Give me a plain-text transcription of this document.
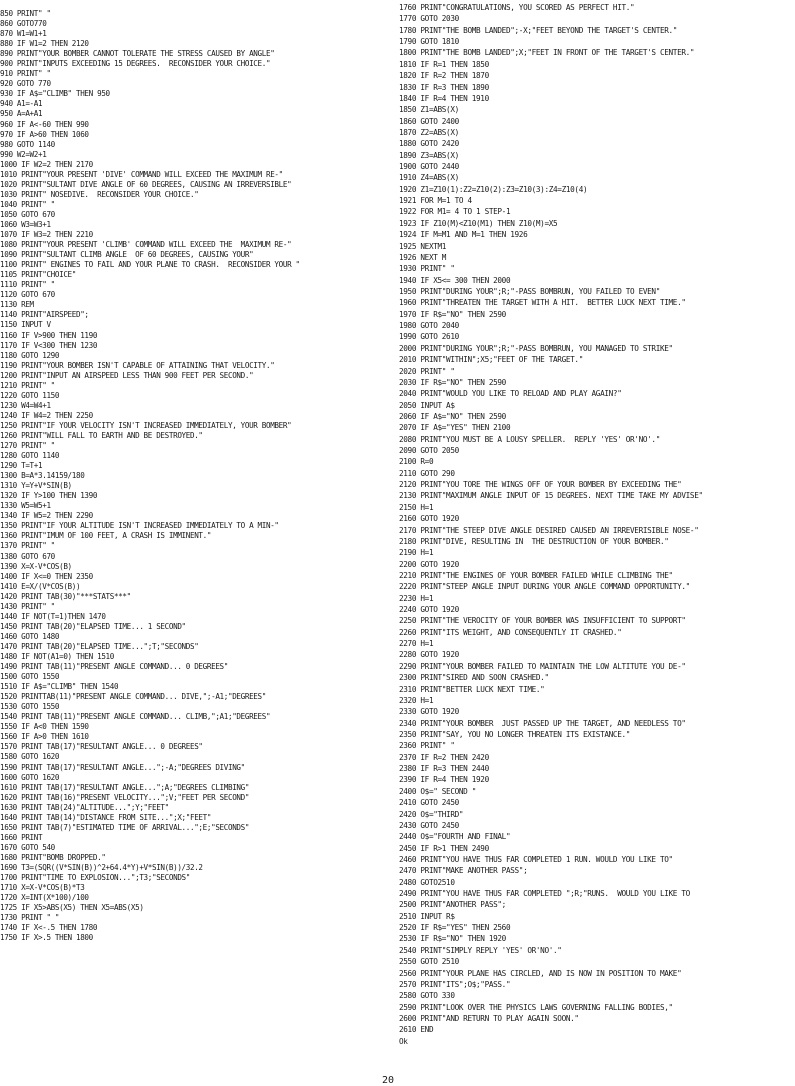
850 PRINT" "
860 GOTO770
870 W1=W1+1
880 IF W1=2 THEN 2120
890 PRINT"YOUR BOMBER CANNOT TOLERATE THE STRESS CAUSED BY ANGLE"
900 PRINT"INPUTS EXCEEDING 15 DEGREES.  RECONSIDER YOUR CHOICE."
910 PRINT" "
920 GOTO 770
930 IF A$="CLIMB" THEN 950
940 A1=-A1
950 A=A+A1
960 IF A<-60 THEN 990
970 IF A>60 THEN 1060
980 GOTO 1140
990 W2=W2+1
1000 IF W2=2 THEN 2170
1010 PRINT"YOUR PRESENT 'DIVE' COMMAND WILL EXCEED THE MAXIMUM RE-"
1020 PRINT"SULTANT DIVE ANGLE OF 60 DEGREES, CAUSING AN IRREVERSIBLE"
1030 PRINT" NOSEDIVE.  RECONSIDER YOUR CHOICE."
1040 PRINT" "
1050 GOTO 670
1060 W3=W3+1
1070 IF W3=2 THEN 2210
1080 PRINT"YOUR PRESENT 'CLIMB' COMMAND WILL EXCEED THE  MAXIMUM RE-"
1090 PRINT"SULTANT CLIMB ANGLE  OF 60 DEGREES, CAUSING YOUR"
1100 PRINT" ENGINES TO FAIL AND YOUR PLANE TO CRASH.  RECONSIDER YOUR "
1105 PRINT"CHOICE"
1110 PRINT" "
1120 GOTO 670
1130 REM
1140 PRINT"AIRSPEED";
1150 INPUT V
1160 IF V>900 THEN 1190
1170 IF V<300 THEN 1230
1180 GOTO 1290
1190 PRINT"YOUR BOMBER ISN'T CAPABLE OF ATTAINING THAT VELOCITY."
1200 PRINT"INPUT AN AIRSPEED LESS THAN 900 FEET PER SECOND."
1210 PRINT" "
1220 GOTO 1150
1230 W4=W4+1
1240 IF W4=2 THEN 2250
1250 PRINT"IF YOUR VELOCITY ISN'T INCREASED IMMEDIATELY, YOUR BOMBER"
1260 PRINT"WILL FALL TO EARTH AND BE DESTROYED."
1270 PRINT" "
1280 GOTO 1140
1290 T=T+1
1300 B=A*3.14159/180
1310 Y=Y+V*SIN(B)
1320 IF Y>100 THEN 1390
1330 W5=W5+1
1340 IF W5=2 THEN 2290
1350 PRINT"IF YOUR ALTITUDE ISN'T INCREASED IMMEDIATELY TO A MIN-"
1360 PRINT"IMUM OF 100 FEET, A CRASH IS IMMINENT."
1370 PRINT" "
1380 GOTO 670
1390 X=X-V*COS(B)
1400 IF X<=0 THEN 2350
1410 E=X/(V*COS(B))
1420 PRINT TAB(30)"***STATS***"
1430 PRINT" "
1440 IF NOT(T=1)THEN 1470
1450 PRINT TAB(20)"ELAPSED TIME... 1 SECOND"
1460 GOTO 1480
1470 PRINT TAB(20)"ELAPSED TIME...";T;"SECONDS"
1480 IF NOT(A1=0) THEN 1510
1490 PRINT TAB(11)"PRESENT ANGLE COMMAND... 0 DEGREES"
1500 GOTO 1550
1510 IF A$="CLIMB" THEN 1540
1520 PRINTTAB(11)"PRESENT ANGLE COMMAND... DIVE,";-A1;"DEGREES"
1530 GOTO 1550
1540 PRINT TAB(11)"PRESENT ANGLE COMMAND... CLIMB,";A1;"DEGREES"
1550 IF A<0 THEN 1590
1560 IF A>0 THEN 1610
1570 PRINT TAB(17)"RESULTANT ANGLE... 0 DEGREES"
1580 GOTO 1620
1590 PRINT TAB(17)"RESULTANT ANGLE...";-A;"DEGREES DIVING"
1600 GOTO 1620
1610 PRINT TAB(17)"RESULTANT ANGLE...";A;"DEGREES CLIMBING"
1620 PRINT TAB(16)"PRESENT VELOCITY...";V;"FEET PER SECOND"
1630 PRINT TAB(24)"ALTITUDE...";Y;"FEET"
1640 PRINT TAB(14)"DISTANCE FROM SITE...";X;"FEET"
1650 PRINT TAB(7)"ESTIMATED TIME OF ARRIVAL...";E;"SECONDS"
1660 PRINT
1670 GOTO 540
1680 PRINT"BOMB DROPPED."
1690 T3=(SQR((V*SIN(B))^2+64.4*Y)+V*SIN(B))/32.2
1700 PRINT"TIME TO EXPLOSION...";T3;"SECONDS"
1710 X=X-V*COS(B)*T3
1720 X=INT(X*100)/100
1725 IF X5>ABS(X5) THEN X5=ABS(X5)
1730 PRINT " "
1740 IF X<-.5 THEN 1780
1750 IF X>.5 THEN 1800
1760 PRINT"CONGRATULATIONS, YOU SCORED AS PERFECT HIT."
1770 GOTO 2030
1780 PRINT"THE BOMB LANDED";-X;"FEET BEYOND THE TARGET'S CENTER."
1790 GOTO 1810
1800 PRINT"THE BOMB LANDED";X;"FEET IN FRONT OF THE TARGET'S CENTER."
1810 IF R=1 THEN 1850
1820 IF R=2 THEN 1870
1830 IF R=3 THEN 1890
1840 IF R=4 THEN 1910
1850 Z1=ABS(X)
1860 GOTO 2400
1870 Z2=ABS(X)
1880 GOTO 2420
1890 Z3=ABS(X)
1900 GOTO 2440
1910 Z4=ABS(X)
1920 Z1=Z10(1):Z2=Z10(2):Z3=Z10(3):Z4=Z10(4)
1921 FOR M=1 TO 4
1922 FOR M1= 4 TO 1 STEP-1
1923 IF Z10(M)<Z10(M1) THEN Z10(M)=X5
1924 IF M=M1 AND M=1 THEN 1926
1925 NEXTM1
1926 NEXT M
1930 PRINT" "
1940 IF X5<= 300 THEN 2000
1950 PRINT"DURING YOUR";R;"-PASS BOMBRUN, YOU FAILED TO EVEN"
1960 PRINT"THREATEN THE TARGET WITH A HIT.  BETTER LUCK NEXT TIME."
1970 IF R$="NO" THEN 2590
1980 GOTO 2040
1990 GOTO 2610
2000 PRINT"DURING YOUR";R;"-PASS BOMBRUN, YOU MANAGED TO STRIKE"
2010 PRINT"WITHIN";X5;"FEET OF THE TARGET."
2020 PRINT" "
2030 IF R$="NO" THEN 2590
2040 PRINT"WOULD YOU LIKE TO RELOAD AND PLAY AGAIN?"
2050 INPUT A$
2060 IF A$="NO" THEN 2590
2070 IF A$="YES" THEN 2100
2080 PRINT"YOU MUST BE A LOUSY SPELLER.  REPLY 'YES' OR'NO'."
2090 GOTO 2050
2100 R=0
2110 GOTO 290
2120 PRINT"YOU TORE THE WINGS OFF OF YOUR BOMBER BY EXCEEDING THE"
2130 PRINT"MAXIMUM ANGLE INPUT OF 15 DEGREES. NEXT TIME TAKE MY ADVISE"
2150 H=1
2160 GOTO 1920
2170 PRINT"THE STEEP DIVE ANGLE DESIRED CAUSED AN IRREVERISIBLE NOSE-"
2180 PRINT"DIVE, RESULTING IN  THE DESTRUCTION OF YOUR BOMBER."
2190 H=1
2200 GOTO 1920
2210 PRINT"THE ENGINES OF YOUR BOMBER FAILED WHILE CLIMBING THE"
2220 PRINT"STEEP ANGLE INPUT DURING YOUR ANGLE COMMAND OPPORTUNITY."
2230 H=1
2240 GOTO 1920
2250 PRINT"THE VEROCITY OF YOUR BOMBER WAS INSUFFICIENT TO SUPPORT"
2260 PRINT"ITS WEIGHT, AND CONSEQUENTLY IT CRASHED."
2270 H=1
2280 GOTO 1920
2290 PRINT"YOUR BOMBER FAILED TO MAINTAIN THE LOW ALTITUTE YOU DE-"
2300 PRINT"SIRED AND SOON CRASHED."
2310 PRINT"BETTER LUCK NEXT TIME."
2320 H=1
2330 GOTO 1920
2340 PRINT"YOUR BOMBER  JUST PASSED UP THE TARGET, AND NEEDLESS TO"
2350 PRINT"SAY, YOU NO LONGER THREATEN ITS EXISTANCE."
2360 PRINT" "
2370 IF R=2 THEN 2420
2380 IF R=3 THEN 2440
2390 IF R=4 THEN 1920
2400 O$=" SECOND "
2410 GOTO 2450
2420 O$="THIRD"
2430 GOTO 2450
2440 O$="FOURTH AND FINAL"
2450 IF R>1 THEN 2490
2460 PRINT"YOU HAVE THUS FAR COMPLETED 1 RUN. WOULD YOU LIKE TO"
2470 PRINT"MAKE ANOTHER PASS";
2480 GOTO2510
2490 PRINT"YOU HAVE THUS FAR COMPLETED ";R;"RUNS.  WOULD YOU LIKE TO
2500 PRINT"ANOTHER PASS";
2510 INPUT R$
2520 IF R$="YES" THEN 2560
2530 IF R$="NO" THEN 1920
2540 PRINT"SIMPLY REPLY 'YES' OR'NO'."
2550 GOTO 2510
2560 PRINT"YOUR PLANE HAS CIRCLED, AND IS NOW IN POSITION TO MAKE"
2570 PRINT"ITS";O$;"PASS."
2580 GOTO 330
2590 PRINT"LOOK OVER THE PHYSICS LAWS GOVERNING FALLING BODIES,"
2600 PRINT"AND RETURN TO PLAY AGAIN SOON."
2610 END
Ok
20
